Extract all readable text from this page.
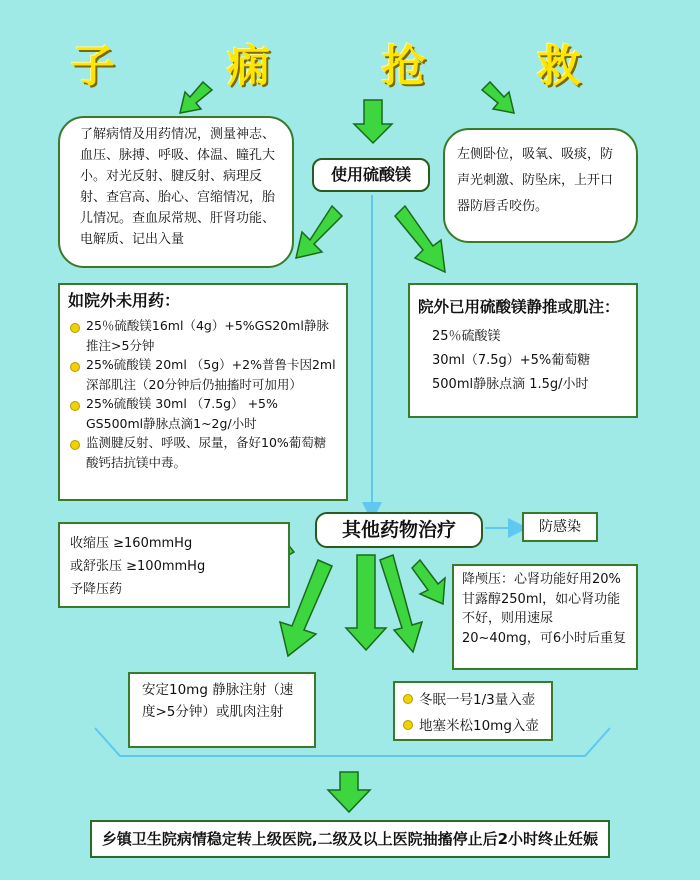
子 痫 抢 救
了解病情及用药情况，测量神志、血压、脉搏、呼吸、体温、瞳孔大小。对光反射、腱反射、病理反射、查宫高、胎心、宫缩情况，胎儿情况。查血尿常规、肝肾功能、电解质、记出入量
左侧卧位，吸氧、吸痰，防声光刺激、防坠床，上开口器防唇舌咬伤。
使用硫酸镁
如院外未用药：
25％硫酸镁16ml（4g）+5%GS20ml静脉推注>5分钟
25%硫酸镁 20ml （5g）+2%普鲁卡因2ml深部肌注（20分钟后仍抽搐时可加用）
25%硫酸镁 30ml （7.5g） +5% GS500ml静脉点滴1~2g/小时
监测腱反射、呼吸、尿量，备好10%葡萄糖酸钙拮抗镁中毒。
院外已用硫酸镁静推或肌注：
25％硫酸镁
30ml（7.5g）+5%葡萄糖
500ml静脉点滴 1.5g/小时
其他药物治疗	防感染
收缩压 ≥160mmHg
或舒张压 ≥100mmHg
予降压药
降颅压：心肾功能好用20%甘露醇250ml，如心肾功能不好，则用速尿20~40mg，可6小时后重复
安定10mg 静脉注射（速度>5分钟）或肌肉注射
冬眠一号1/3量入壶
地塞米松10mg入壶
乡镇卫生院病情稳定转上级医院,二级及以上医院抽搐停止后2小时终止妊娠
